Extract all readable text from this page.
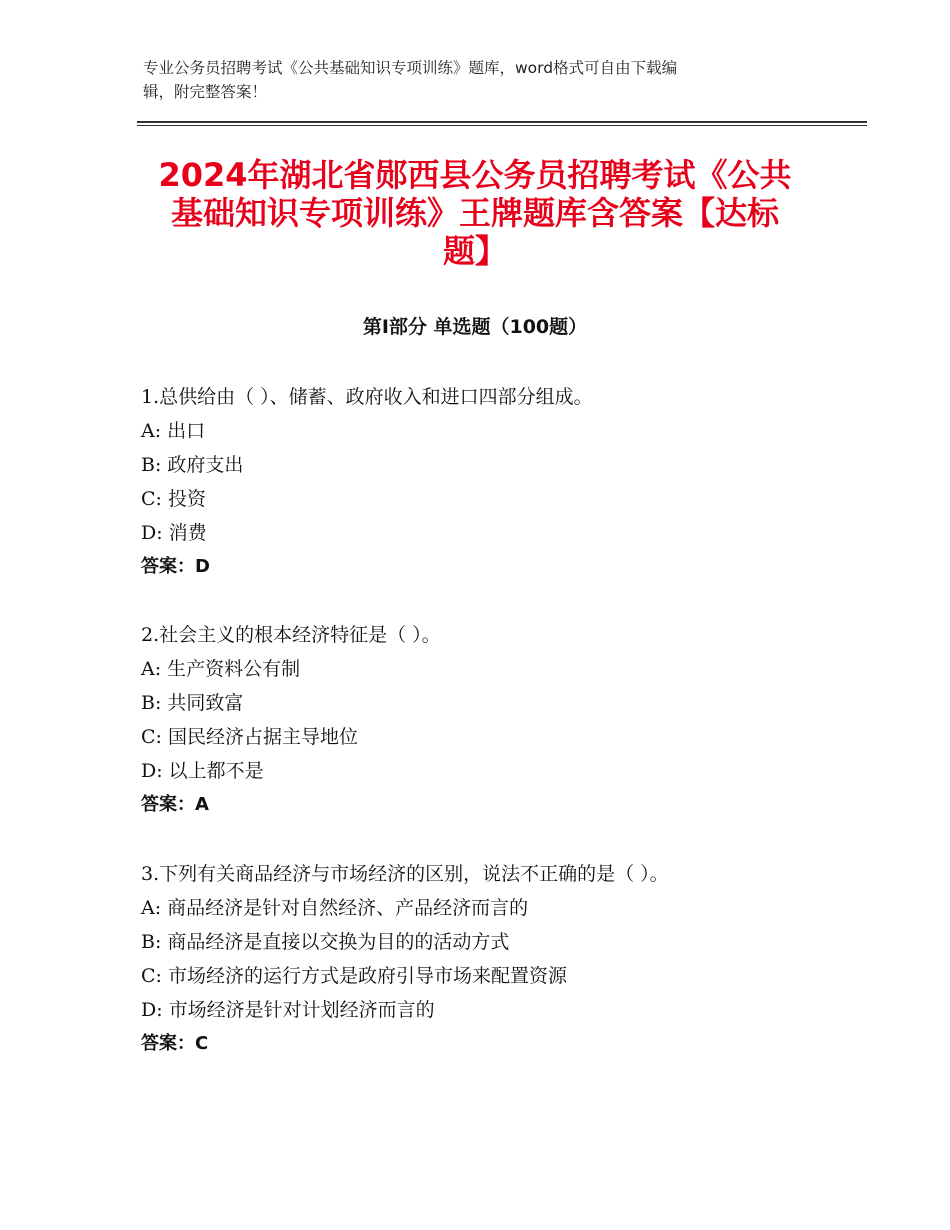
专业公务员招聘考试《公共基础知识专项训练》题库，word格式可自由下载编
辑，附完整答案！
2024年湖北省郧西县公务员招聘考试《公共
基础知识专项训练》王牌题库含答案【达标
题】
第Ⅰ部分 单选题（100题）
1.总供给由（ ）、储蓄、政府收入和进口四部分组成。
A: 出口
B: 政府支出
C: 投资
D: 消费
答案：D
2.社会主义的根本经济特征是（ ）。
A: 生产资料公有制
B: 共同致富
C: 国民经济占据主导地位
D: 以上都不是
答案：A
3.下列有关商品经济与市场经济的区别，说法不正确的是（ ）。
A: 商品经济是针对自然经济、产品经济而言的
B: 商品经济是直接以交换为目的的活动方式
C: 市场经济的运行方式是政府引导市场来配置资源
D: 市场经济是针对计划经济而言的
答案：C
